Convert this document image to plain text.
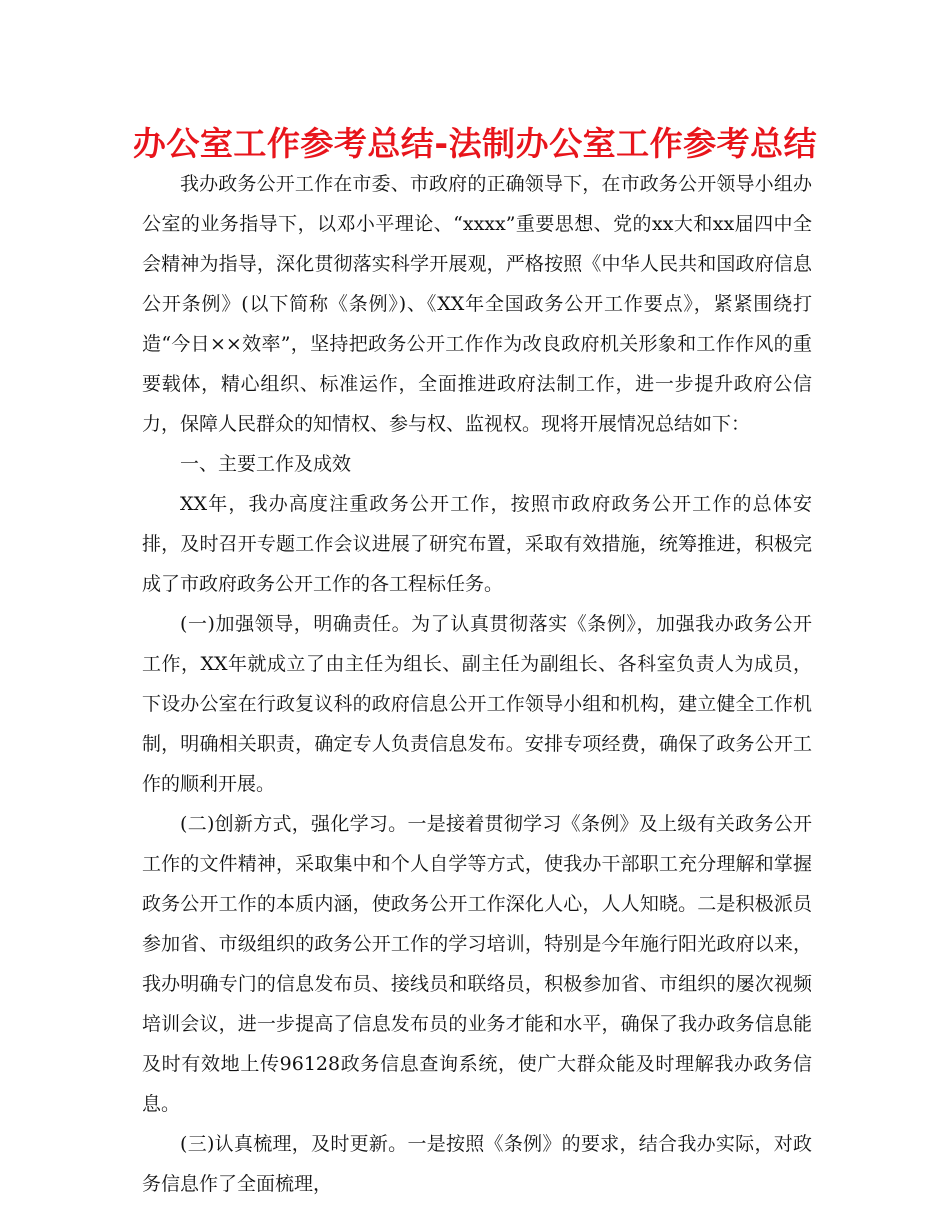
办公室工作参考总结-法制办公室工作参考总结

我办政务公开工作在市委、市政府的正确领导下，在市政务公开领导小组办公室的业务指导下，以邓小平理论、“xxxx”重要思想、党的xx大和xx届四中全会精神为指导，深化贯彻落实科学开展观，严格按照《中华人民共和国政府信息公开条例》(以下简称《条例》)、《XX年全国政务公开工作要点》，紧紧围绕打造“今日××效率”，坚持把政务公开工作作为改良政府机关形象和工作作风的重要载体，精心组织、标准运作，全面推进政府法制工作，进一步提升政府公信力，保障人民群众的知情权、参与权、监视权。现将开展情况总结如下：

一、主要工作及成效

XX年，我办高度注重政务公开工作，按照市政府政务公开工作的总体安排，及时召开专题工作会议进展了研究布置，采取有效措施，统筹推进，积极完成了市政府政务公开工作的各工程标任务。

(一)加强领导，明确责任。为了认真贯彻落实《条例》，加强我办政务公开工作，XX年就成立了由主任为组长、副主任为副组长、各科室负责人为成员，下设办公室在行政复议科的政府信息公开工作领导小组和机构，建立健全工作机制，明确相关职责，确定专人负责信息发布。安排专项经费，确保了政务公开工作的顺利开展。

(二)创新方式，强化学习。一是接着贯彻学习《条例》及上级有关政务公开工作的文件精神，采取集中和个人自学等方式，使我办干部职工充分理解和掌握政务公开工作的本质内涵，使政务公开工作深化人心，人人知晓。二是积极派员参加省、市级组织的政务公开工作的学习培训，特别是今年施行阳光政府以来，我办明确专门的信息发布员、接线员和联络员，积极参加省、市组织的屡次视频培训会议，进一步提高了信息发布员的业务才能和水平，确保了我办政务信息能及时有效地上传96128政务信息查询系统，使广大群众能及时理解我办政务信息。

(三)认真梳理，及时更新。一是按照《条例》的要求，结合我办实际，对政务信息作了全面梳理，
